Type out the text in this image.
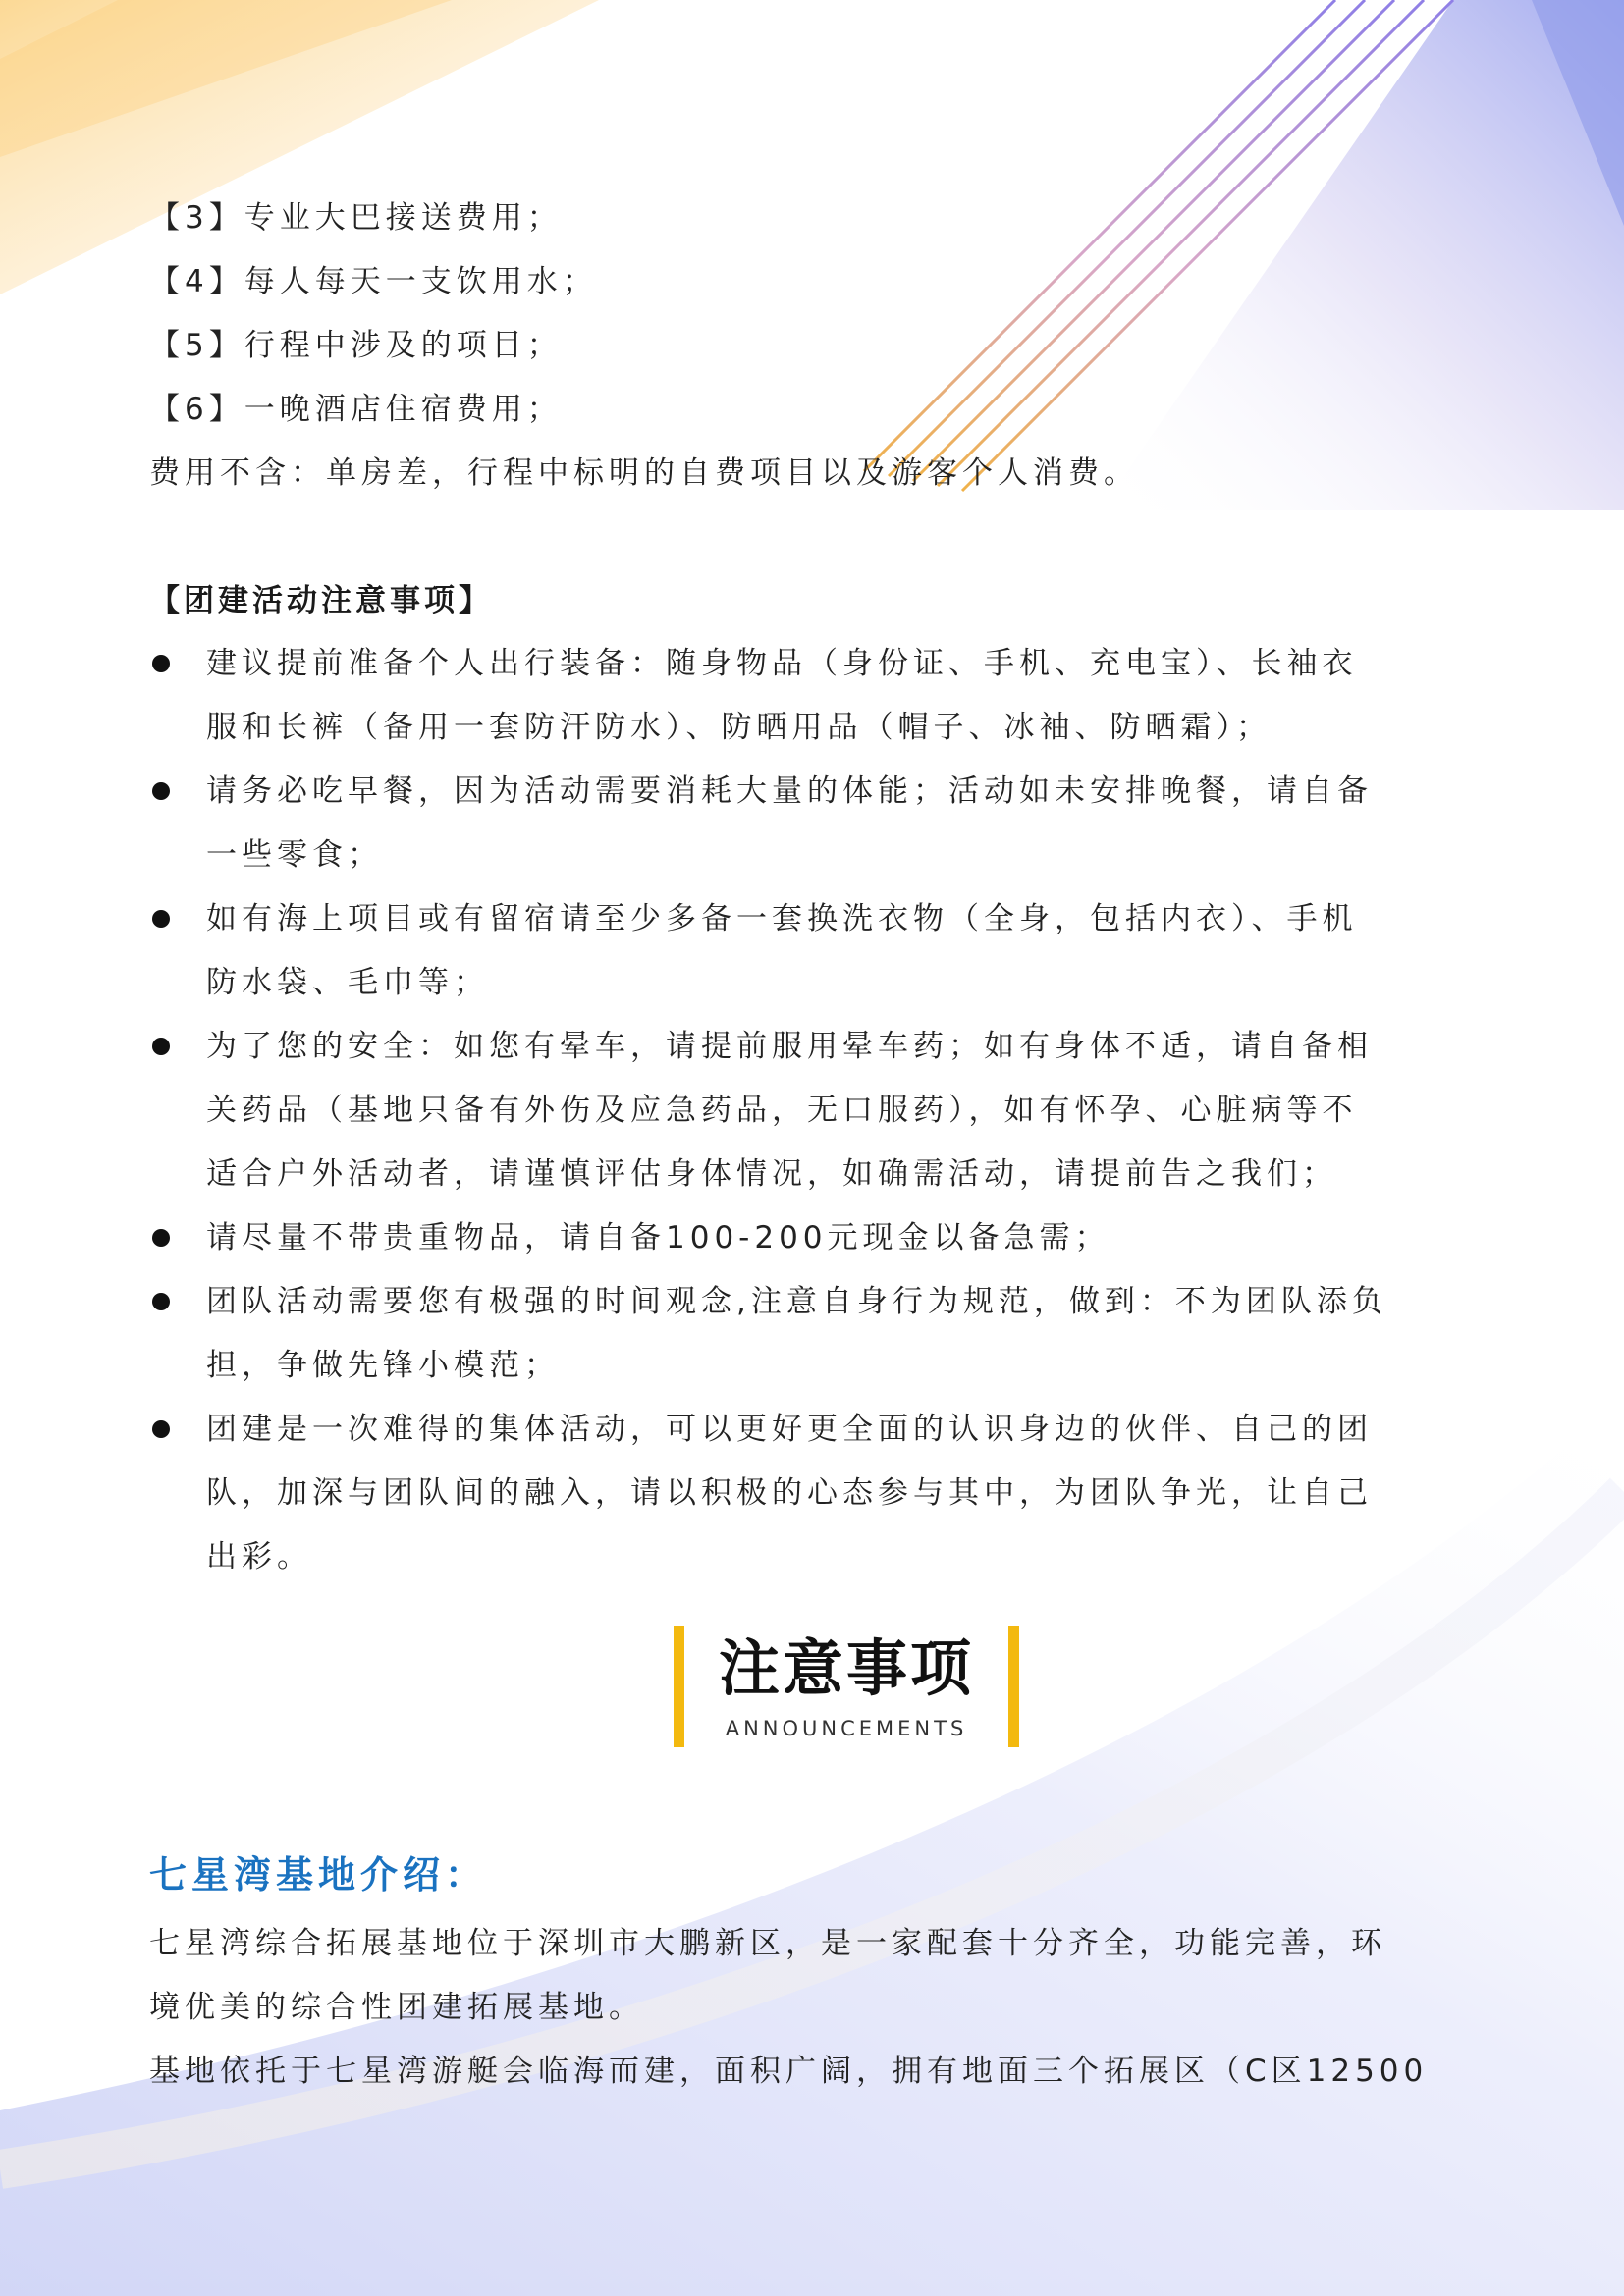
【3】专业大巴接送费用；
【4】每人每天一支饮用水；
【5】行程中涉及的项目；
【6】一晚酒店住宿费用；
费用不含：单房差，行程中标明的自费项目以及游客个人消费。
【团建活动注意事项】
建议提前准备个人出行装备：随身物品（身份证、手机、充电宝）、长袖衣
服和长裤（备用一套防汗防水）、防晒用品（帽子、冰袖、防晒霜）；
请务必吃早餐，因为活动需要消耗大量的体能；活动如未安排晚餐，请自备
一些零食；
如有海上项目或有留宿请至少多备一套换洗衣物（全身，包括内衣）、手机
防水袋、毛巾等；
为了您的安全：如您有晕车，请提前服用晕车药；如有身体不适，请自备相
关药品（基地只备有外伤及应急药品，无口服药），如有怀孕、心脏病等不
适合户外活动者，请谨慎评估身体情况，如确需活动，请提前告之我们；
请尽量不带贵重物品，请自备100-200元现金以备急需；
团队活动需要您有极强的时间观念,注意自身行为规范，做到：不为团队添负
担，争做先锋小模范；
团建是一次难得的集体活动，可以更好更全面的认识身边的伙伴、自己的团
队，加深与团队间的融入，请以积极的心态参与其中，为团队争光，让自己
出彩。
注意事项
ANNOUNCEMENTS
七星湾基地介绍：
七星湾综合拓展基地位于深圳市大鹏新区，是一家配套十分齐全，功能完善，环
境优美的综合性团建拓展基地。
基地依托于七星湾游艇会临海而建，面积广阔，拥有地面三个拓展区（C区12500
